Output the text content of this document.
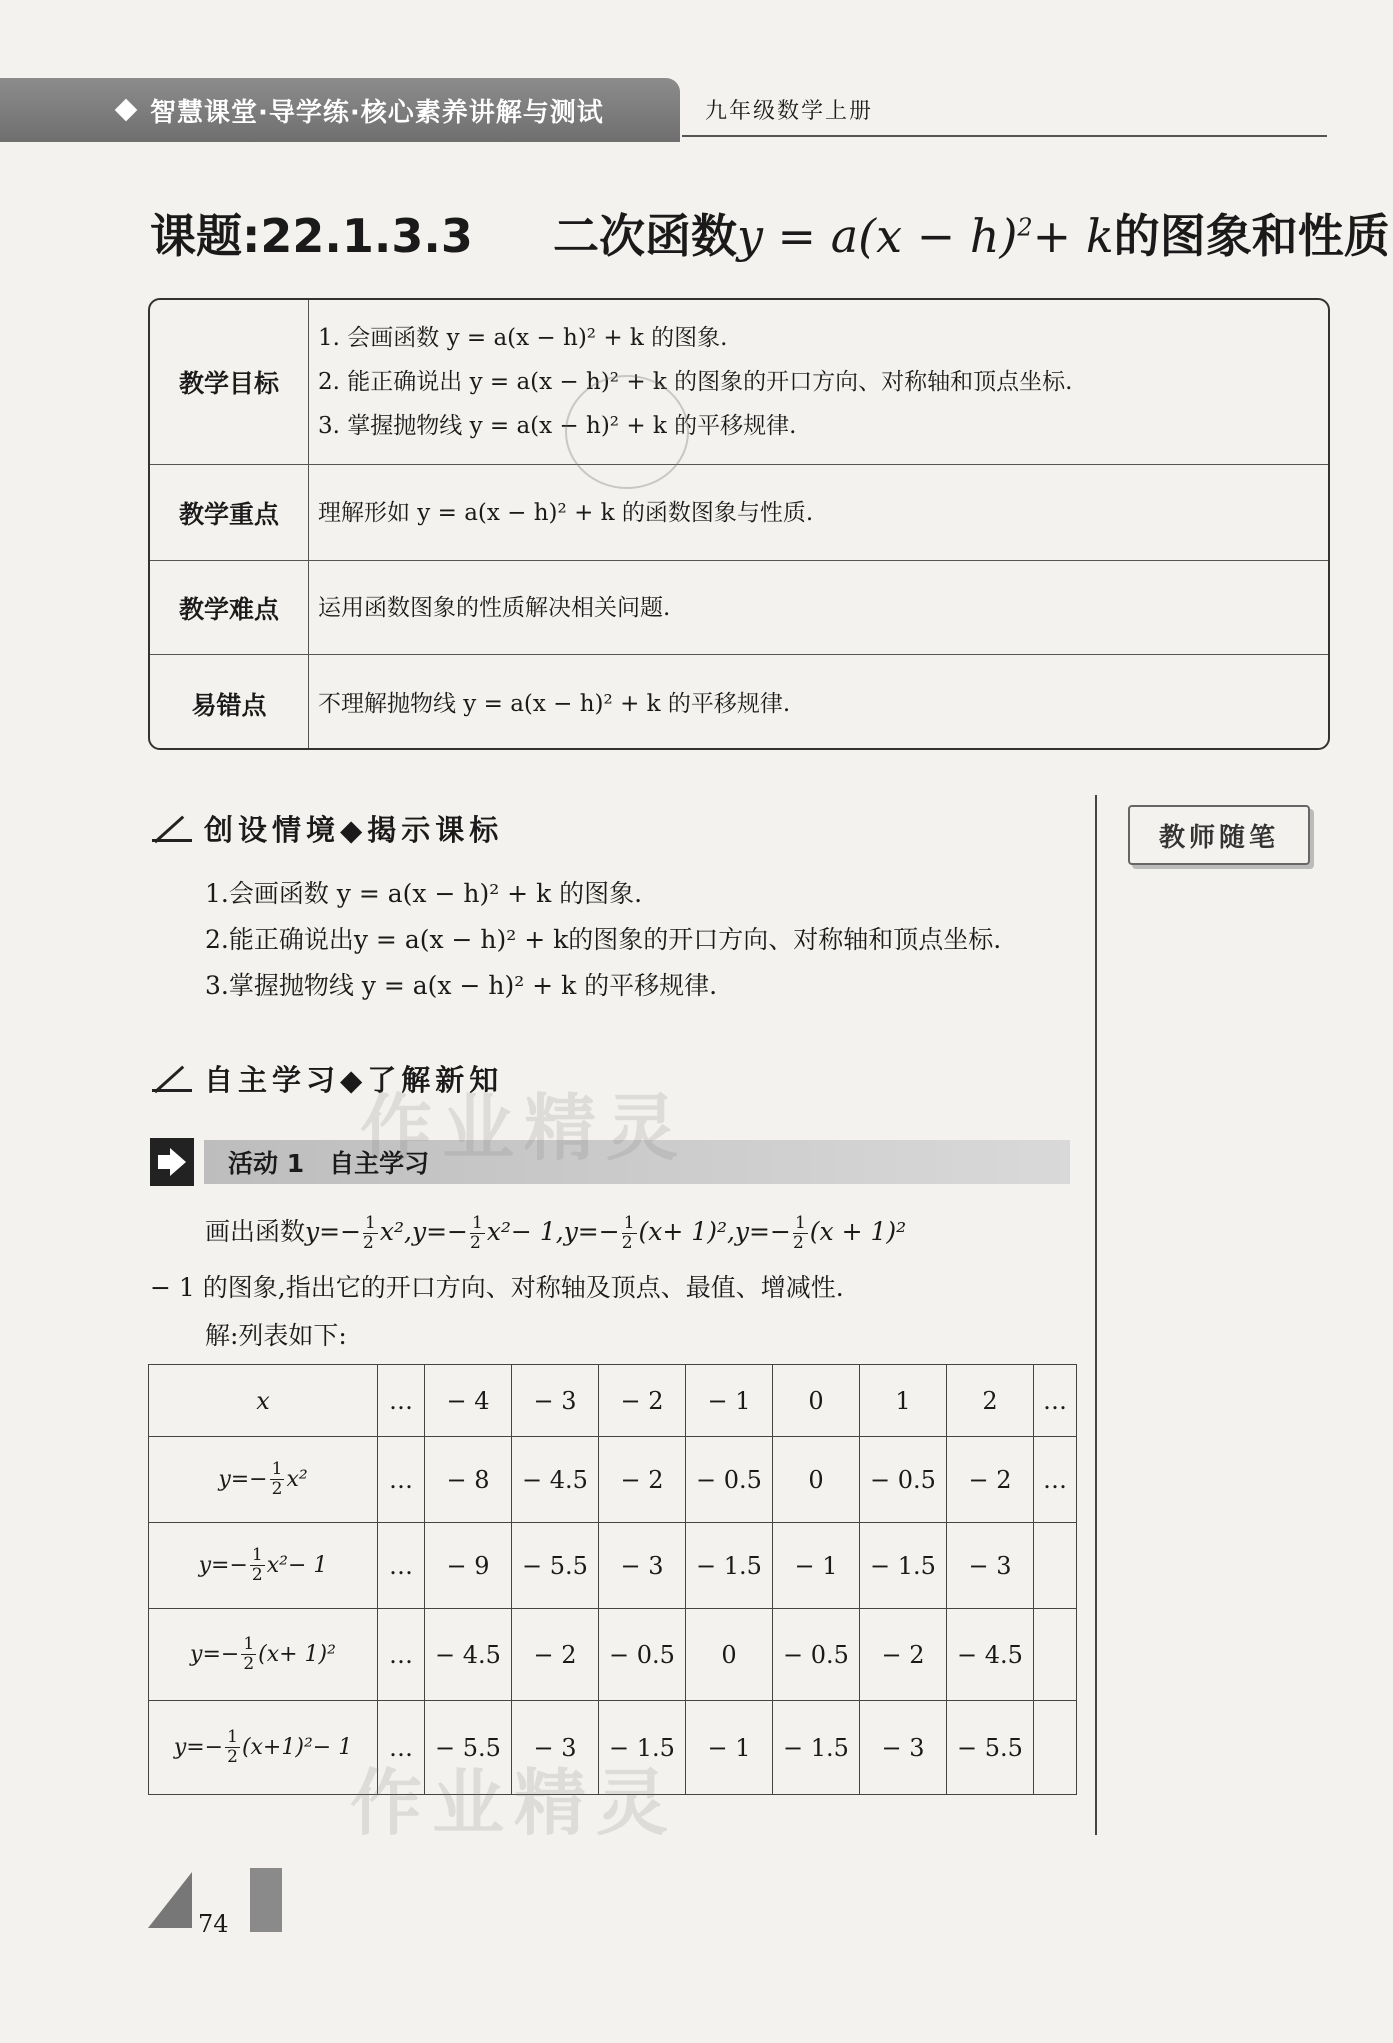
智慧课堂·导学练·核心素养讲解与测试	九年级数学上册
课题:22.1.3.3 二次函数$y = a(x - h)^2+ k$的图象和性质
教学目标
1. 会画函数 y = a(x − h)² + k 的图象.
2. 能正确说出 y = a(x − h)² + k 的图象的开口方向、对称轴和顶点坐标.
3. 掌握抛物线 y = a(x − h)² + k 的平移规律.
教学重点	理解形如 y = a(x − h)² + k 的函数图象与性质.
教学难点	运用函数图象的性质解决相关问题.
易错点	不理解抛物线 y = a(x − h)² + k 的平移规律.
创设情境◆揭示课标
1.会画函数 y = a(x − h)² + k 的图象.
2.能正确说出y = a(x − h)² + k的图象的开口方向、对称轴和顶点坐标.
3.掌握抛物线 y = a(x − h)² + k 的平移规律.
教师随笔
自主学习◆了解新知
活动 1　自主学习
画出函数$y=- \frac{1}{2} x^2,y=- \frac{1}{2} x^2- 1,y=- \frac{1}{2} (x+ 1)^2,y=- \frac{1}{2} (x + 1)^2$
− 1 的图象,指出它的开口方向、对称轴及顶点、最值、增减性.
解:列表如下:
x	…	− 4	− 3	− 2	− 1	0	1	2	…
$y=- \frac{1}{2} x^2$	…	− 8	− 4.5	− 2	− 0.5	0	− 0.5	− 2	…
$y=- \frac{1}{2} x^2- 1$	…	− 9	− 5.5	− 3	− 1.5	− 1	− 1.5	− 3	
$y=- \frac{1}{2} (x+ 1)^2$	…	− 4.5	− 2	− 0.5	0	− 0.5	− 2	− 4.5	
$y=- \frac{1}{2} (x+1)^2- 1$	…	− 5.5	− 3	− 1.5	− 1	− 1.5	− 3	− 5.5	
作业精灵
作业精灵
74
